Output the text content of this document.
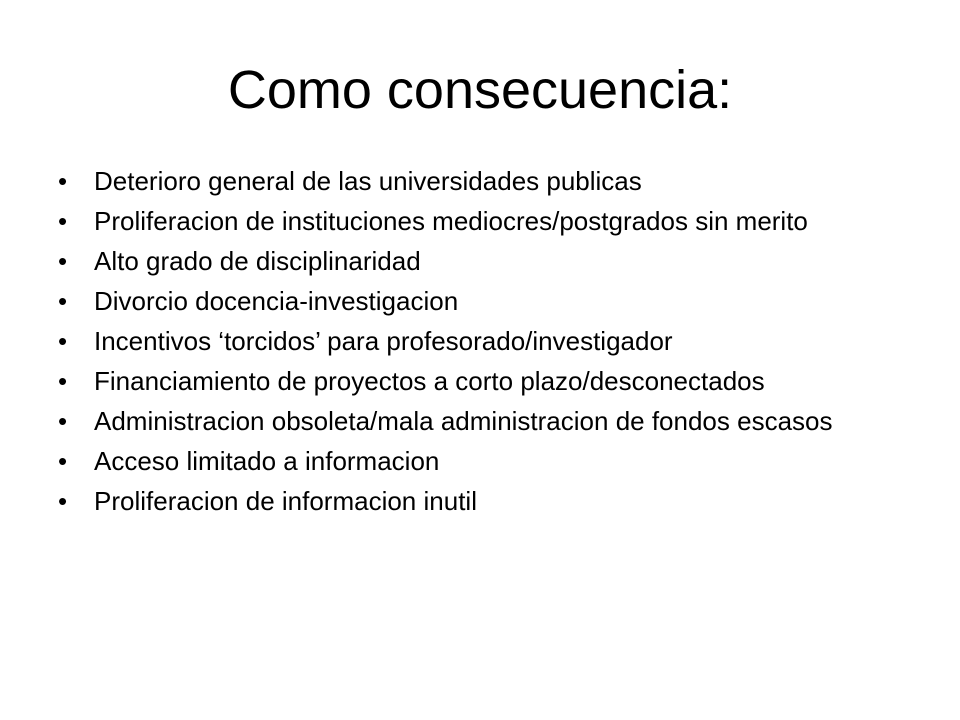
Como consecuencia:
•	Deterioro general de las universidades publicas
•	Proliferacion de instituciones mediocres/postgrados sin merito
•	Alto grado de disciplinaridad
•	Divorcio docencia-investigacion
•	Incentivos ‘torcidos’ para profesorado/investigador
•	Financiamiento de proyectos a corto plazo/desconectados
•	Administracion obsoleta/mala administracion de fondos escasos
•	Acceso limitado a informacion
•	Proliferacion de informacion inutil
